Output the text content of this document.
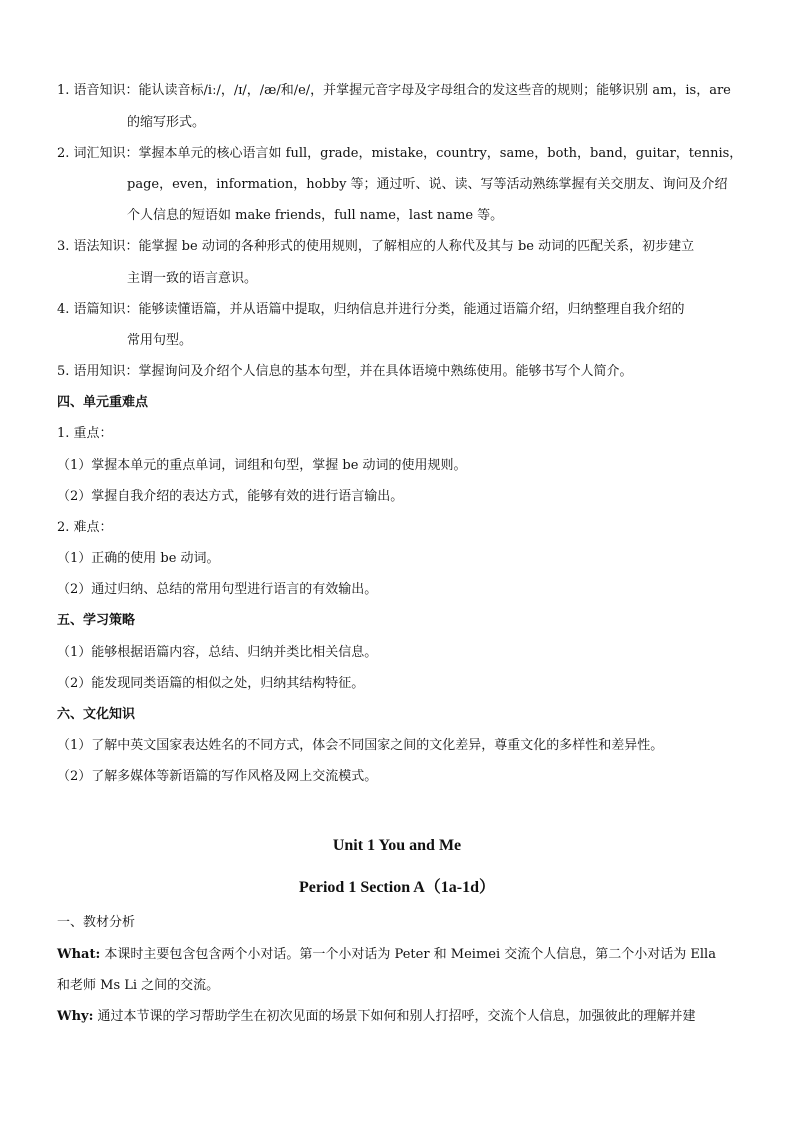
1. 语音知识：能认读音标/iː/，/ɪ/，/æ/和/e/，并掌握元音字母及字母组合的发这些音的规则；能够识别 am，is，are
的缩写形式。
2. 词汇知识：掌握本单元的核心语言如 full，grade，mistake，country，same，both，band，guitar，tennis，
page，even，information，hobby 等；通过听、说、读、写等活动熟练掌握有关交朋友、询问及介绍
个人信息的短语如 make friends，full name，last name 等。
3. 语法知识：能掌握 be 动词的各种形式的使用规则，了解相应的人称代及其与 be 动词的匹配关系，初步建立
主谓一致的语言意识。
4. 语篇知识：能够读懂语篇，并从语篇中提取，归纳信息并进行分类，能通过语篇介绍，归纳整理自我介绍的
常用句型。
5. 语用知识：掌握询问及介绍个人信息的基本句型，并在具体语境中熟练使用。能够书写个人简介。
四、单元重难点
1. 重点：
（1）掌握本单元的重点单词，词组和句型，掌握 be 动词的使用规则。
（2）掌握自我介绍的表达方式，能够有效的进行语言输出。
2. 难点：
（1）正确的使用 be 动词。
（2）通过归纳、总结的常用句型进行语言的有效输出。
五、学习策略
（1）能够根据语篇内容，总结、归纳并类比相关信息。
（2）能发现同类语篇的相似之处，归纳其结构特征。
六、文化知识
（1）了解中英文国家表达姓名的不同方式，体会不同国家之间的文化差异，尊重文化的多样性和差异性。
（2）了解多媒体等新语篇的写作风格及网上交流模式。
Unit 1 You and Me
Period 1 Section A（1a-1d）
一、教材分析
What: 本课时主要包含包含两个小对话。第一个小对话为 Peter 和 Meimei 交流个人信息，第二个小对话为 Ella
和老师 Ms Li 之间的交流。
Why: 通过本节课的学习帮助学生在初次见面的场景下如何和别人打招呼，交流个人信息，加强彼此的理解并建
